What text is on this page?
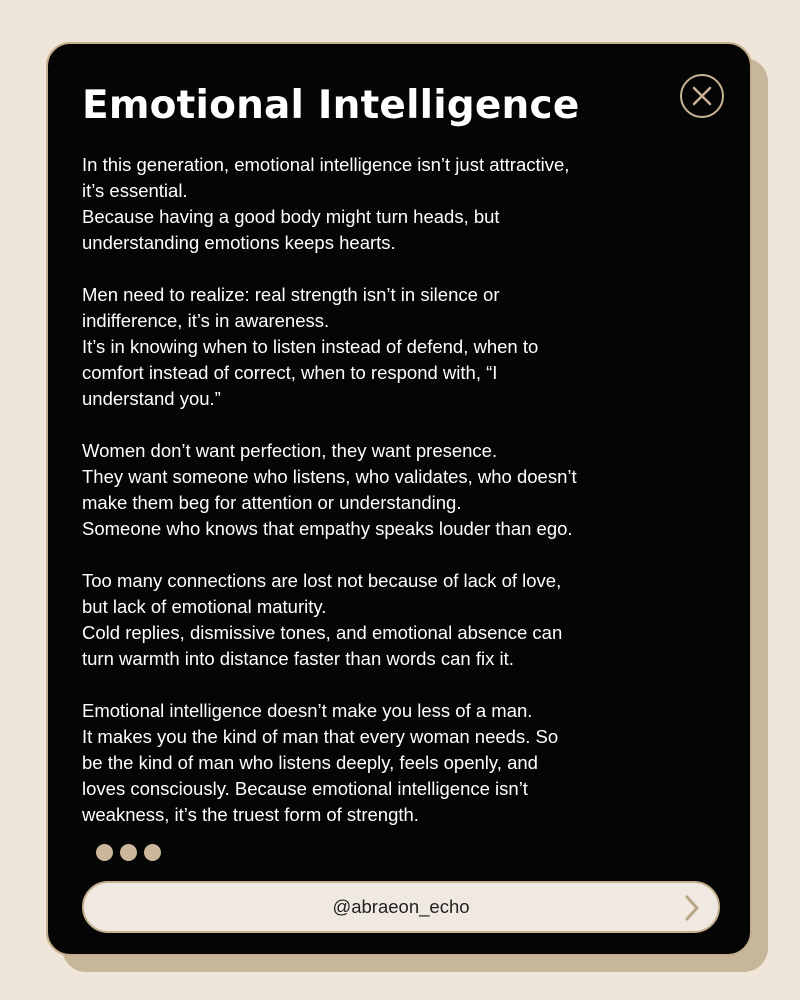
Emotional Intelligence

In this generation, emotional intelligence isn’t just attractive,
it’s essential.
Because having a good body might turn heads, but
understanding emotions keeps hearts.

Men need to realize: real strength isn’t in silence or
indifference, it’s in awareness.
It’s in knowing when to listen instead of defend, when to
comfort instead of correct, when to respond with, “I
understand you.”

Women don’t want perfection, they want presence.
They want someone who listens, who validates, who doesn’t
make them beg for attention or understanding.
Someone who knows that empathy speaks louder than ego.

Too many connections are lost not because of lack of love,
but lack of emotional maturity.
Cold replies, dismissive tones, and emotional absence can
turn warmth into distance faster than words can fix it.

Emotional intelligence doesn’t make you less of a man.
It makes you the kind of man that every woman needs. So
be the kind of man who listens deeply, feels openly, and
loves consciously. Because emotional intelligence isn’t
weakness, it’s the truest form of strength.

@abraeon_echo
